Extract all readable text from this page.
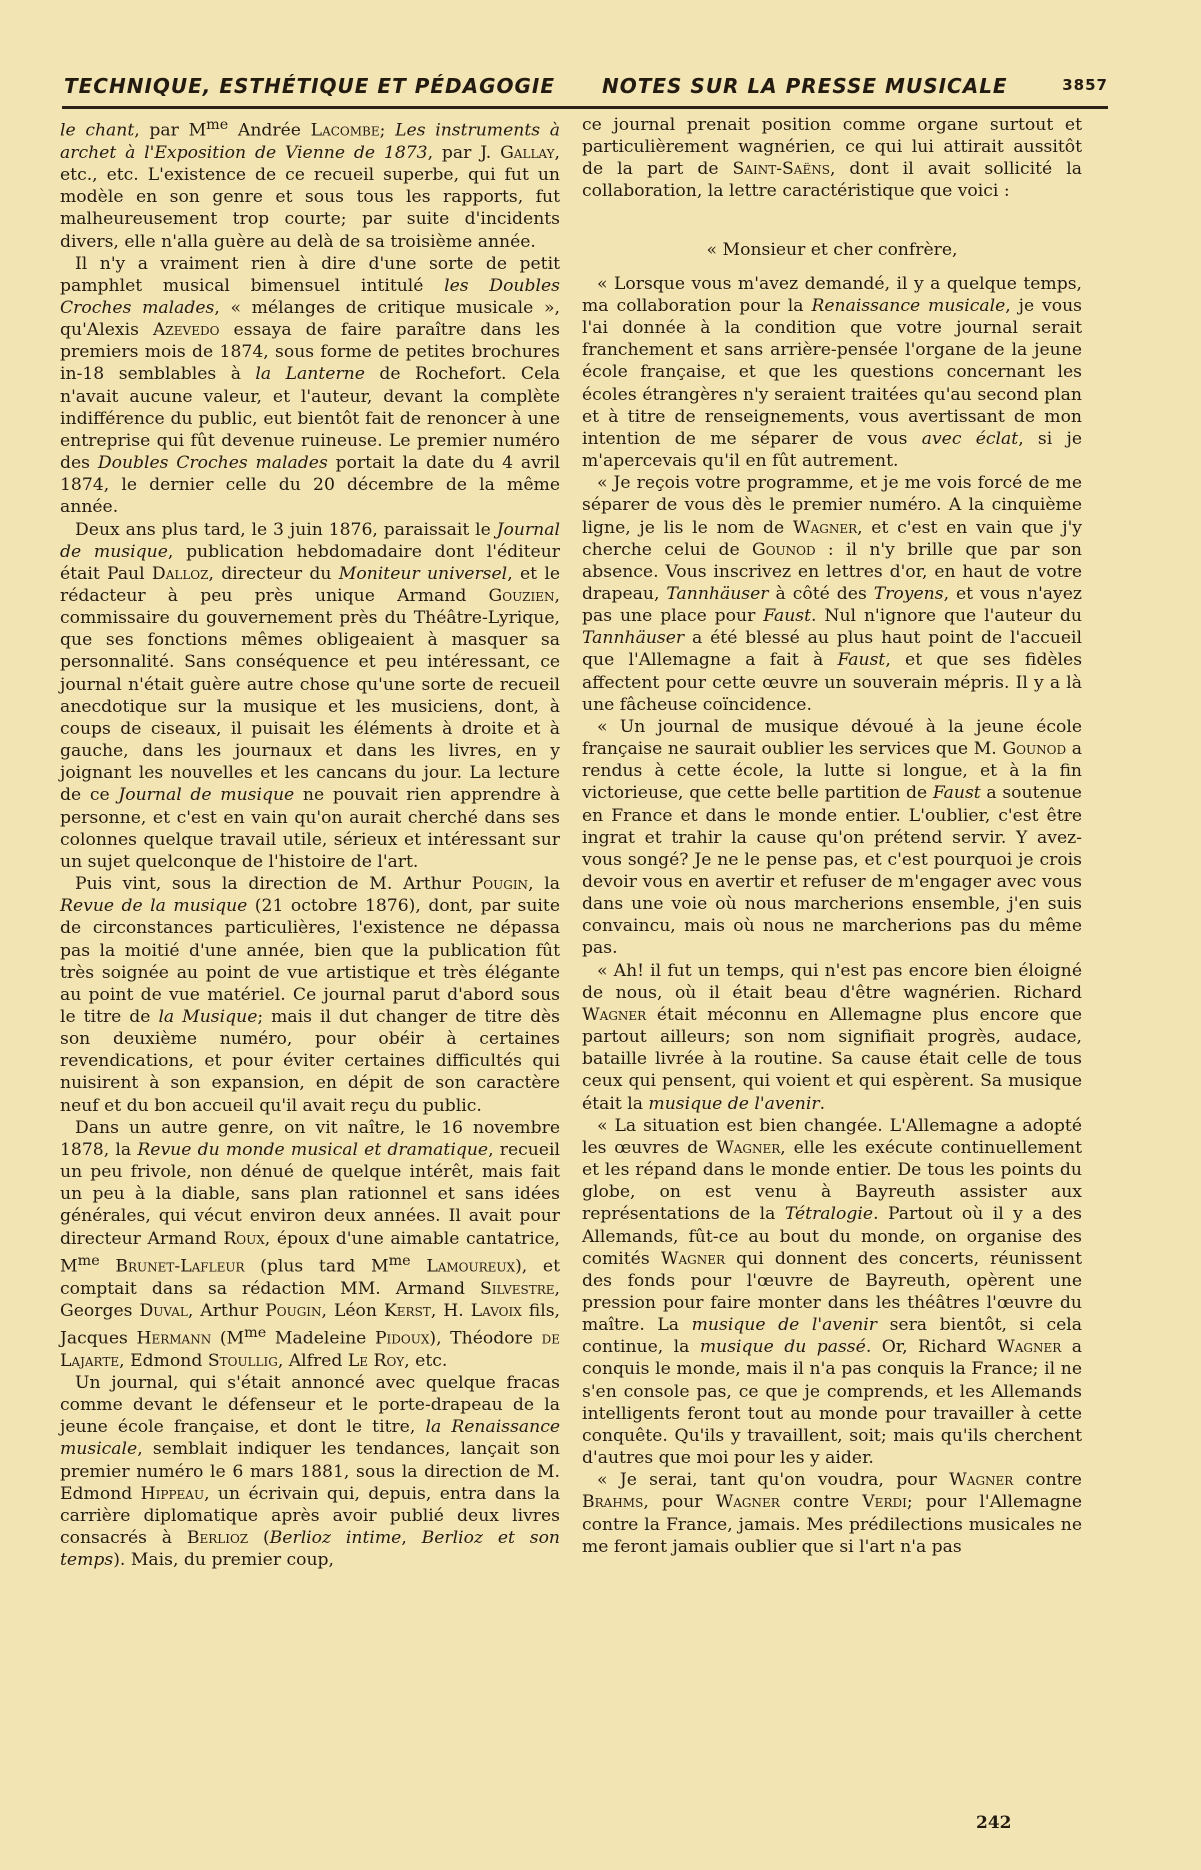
TECHNIQUE, ESTHÉTIQUE ET PÉDAGOGIE NOTES SUR LA PRESSE MUSICALE	3857

le chant, par $M^{me}$ Andrée Lacombe; Les instruments à archet à l'Exposition de Vienne de 1873, par J. Gallay, etc., etc. L'existence de ce recueil superbe, qui fut un modèle en son genre et sous tous les rapports, fut malheureusement trop courte; par suite d'incidents divers, elle n'alla guère au delà de sa troisième année.

Il n'y a vraiment rien à dire d'une sorte de petit pamphlet musical bimensuel intitulé les Doubles Croches malades, « mélanges de critique musicale », qu'Alexis Azevedo essaya de faire paraître dans les premiers mois de 1874, sous forme de petites brochures in-18 semblables à la Lanterne de Rochefort. Cela n'avait aucune valeur, et l'auteur, devant la complète indifférence du public, eut bientôt fait de renoncer à une entreprise qui fût devenue ruineuse. Le premier numéro des Doubles Croches malades portait la date du 4 avril 1874, le dernier celle du 20 décembre de la même année.

Deux ans plus tard, le 3 juin 1876, paraissait le Journal de musique, publication hebdomadaire dont l'éditeur était Paul Dalloz, directeur du Moniteur universel, et le rédacteur à peu près unique Armand Gouzien, commissaire du gouvernement près du Théâtre-Lyrique, que ses fonctions mêmes obligeaient à masquer sa personnalité. Sans conséquence et peu intéressant, ce journal n'était guère autre chose qu'une sorte de recueil anecdotique sur la musique et les musiciens, dont, à coups de ciseaux, il puisait les éléments à droite et à gauche, dans les journaux et dans les livres, en y joignant les nouvelles et les cancans du jour. La lecture de ce Journal de musique ne pouvait rien apprendre à personne, et c'est en vain qu'on aurait cherché dans ses colonnes quelque travail utile, sérieux et intéressant sur un sujet quelconque de l'histoire de l'art.

Puis vint, sous la direction de M. Arthur Pougin, la Revue de la musique (21 octobre 1876), dont, par suite de circonstances particulières, l'existence ne dépassa pas la moitié d'une année, bien que la publication fût très soignée au point de vue artistique et très élégante au point de vue matériel. Ce journal parut d'abord sous le titre de la Musique; mais il dut changer de titre dès son deuxième numéro, pour obéir à certaines revendications, et pour éviter certaines difficultés qui nuisirent à son expansion, en dépit de son caractère neuf et du bon accueil qu'il avait reçu du public.

Dans un autre genre, on vit naître, le 16 novembre 1878, la Revue du monde musical et dramatique, recueil un peu frivole, non dénué de quelque intérêt, mais fait un peu à la diable, sans plan rationnel et sans idées générales, qui vécut environ deux années. Il avait pour directeur Armand Roux, époux d'une aimable cantatrice, $M^{me}$ Brunet-Lafleur (plus tard $M^{me}$ Lamoureux), et comptait dans sa rédaction MM. Armand Silvestre, Georges Duval, Arthur Pougin, Léon Kerst, H. Lavoix fils, Jacques Hermann ($M^{me}$ Madeleine Pidoux), Théodore de Lajarte, Edmond Stoullig, Alfred Le Roy, etc.

Un journal, qui s'était annoncé avec quelque fracas comme devant le défenseur et le porte-drapeau de la jeune école française, et dont le titre, la Renaissance musicale, semblait indiquer les tendances, lançait son premier numéro le 6 mars 1881, sous la direction de M. Edmond Hippeau, un écrivain qui, depuis, entra dans la carrière diplomatique après avoir publié deux livres consacrés à Berlioz (Berlioz intime, Berlioz et son temps). Mais, du premier coup,

ce journal prenait position comme organe surtout et particulièrement wagnérien, ce qui lui attirait aussitôt de la part de Saint-Saëns, dont il avait sollicité la collaboration, la lettre caractéristique que voici :

« Monsieur et cher confrère,

« Lorsque vous m'avez demandé, il y a quelque temps, ma collaboration pour la Renaissance musicale, je vous l'ai donnée à la condition que votre journal serait franchement et sans arrière-pensée l'organe de la jeune école française, et que les questions concernant les écoles étrangères n'y seraient traitées qu'au second plan et à titre de renseignements, vous avertissant de mon intention de me séparer de vous avec éclat, si je m'apercevais qu'il en fût autrement.

« Je reçois votre programme, et je me vois forcé de me séparer de vous dès le premier numéro. A la cinquième ligne, je lis le nom de Wagner, et c'est en vain que j'y cherche celui de Gounod : il n'y brille que par son absence. Vous inscrivez en lettres d'or, en haut de votre drapeau, Tannhäuser à côté des Troyens, et vous n'ayez pas une place pour Faust. Nul n'ignore que l'auteur du Tannhäuser a été blessé au plus haut point de l'accueil que l'Allemagne a fait à Faust, et que ses fidèles affectent pour cette œuvre un souverain mépris. Il y a là une fâcheuse coïncidence.

« Un journal de musique dévoué à la jeune école française ne saurait oublier les services que M. Gounod a rendus à cette école, la lutte si longue, et à la fin victorieuse, que cette belle partition de Faust a soutenue en France et dans le monde entier. L'oublier, c'est être ingrat et trahir la cause qu'on prétend servir. Y avez-vous songé? Je ne le pense pas, et c'est pourquoi je crois devoir vous en avertir et refuser de m'engager avec vous dans une voie où nous marcherions ensemble, j'en suis convaincu, mais où nous ne marcherions pas du même pas.

« Ah! il fut un temps, qui n'est pas encore bien éloigné de nous, où il était beau d'être wagnérien. Richard Wagner était méconnu en Allemagne plus encore que partout ailleurs; son nom signifiait progrès, audace, bataille livrée à la routine. Sa cause était celle de tous ceux qui pensent, qui voient et qui espèrent. Sa musique était la musique de l'avenir.

« La situation est bien changée. L'Allemagne a adopté les œuvres de Wagner, elle les exécute continuellement et les répand dans le monde entier. De tous les points du globe, on est venu à Bayreuth assister aux représentations de la Tétralogie. Partout où il y a des Allemands, fût-ce au bout du monde, on organise des comités Wagner qui donnent des concerts, réunissent des fonds pour l'œuvre de Bayreuth, opèrent une pression pour faire monter dans les théâtres l'œuvre du maître. La musique de l'avenir sera bientôt, si cela continue, la musique du passé. Or, Richard Wagner a conquis le monde, mais il n'a pas conquis la France; il ne s'en console pas, ce que je comprends, et les Allemands intelligents feront tout au monde pour travailler à cette conquête. Qu'ils y travaillent, soit; mais qu'ils cherchent d'autres que moi pour les y aider.

« Je serai, tant qu'on voudra, pour Wagner contre Brahms, pour Wagner contre Verdi; pour l'Allemagne contre la France, jamais. Mes prédilections musicales ne me feront jamais oublier que si l'art n'a pas

242
